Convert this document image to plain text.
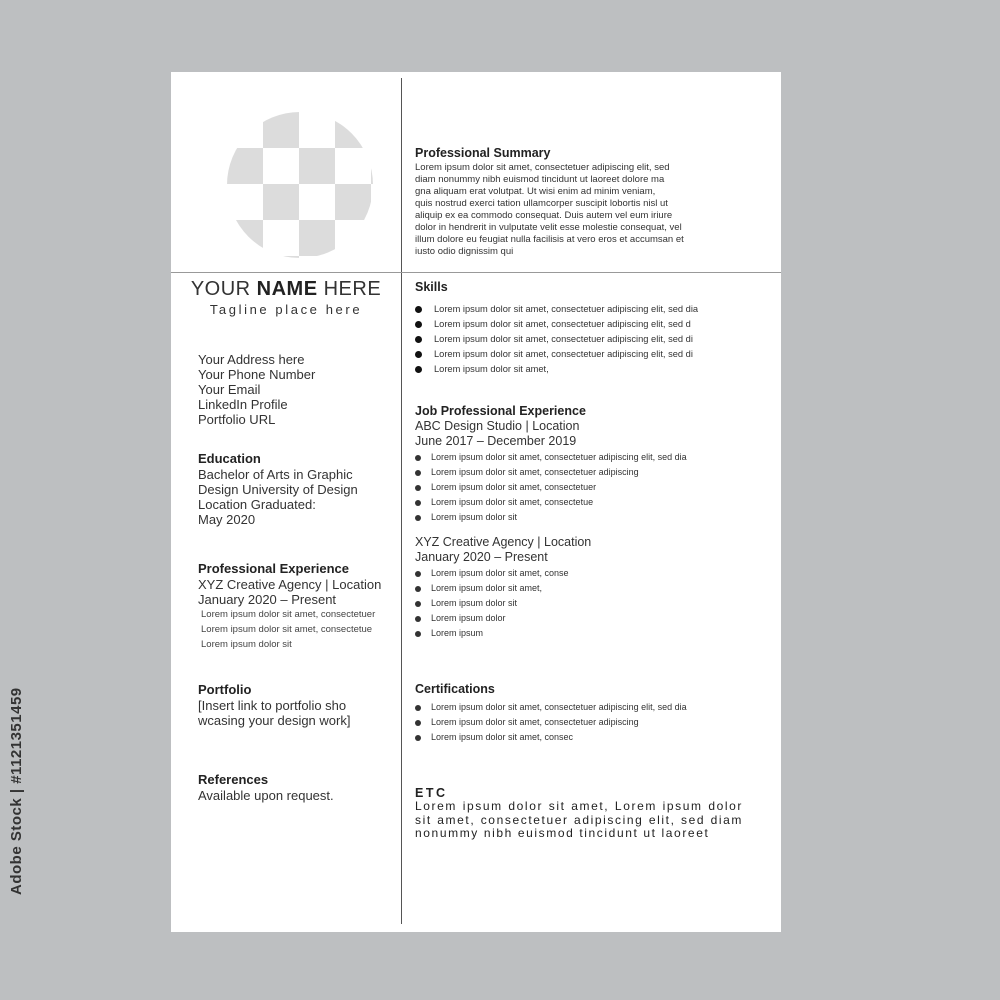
Adobe Stock | #1121351459
YOUR NAME HERE
Tagline place here
Your Address here
Your Phone Number
Your Email
LinkedIn Profile
Portfolio URL
Education
Bachelor of Arts in Graphic
Design University of Design
Location Graduated:
May 2020
Professional Experience
XYZ Creative Agency | Location
January 2020 – Present
Lorem ipsum dolor sit amet, consectetuer
Lorem ipsum dolor sit amet, consectetue
Lorem ipsum dolor sit
Portfolio
[Insert link to portfolio sho
wcasing your design work]
References
Available upon request.
Professional Summary
Lorem ipsum dolor sit amet, consectetuer adipiscing elit, sed
diam nonummy nibh euismod tincidunt ut laoreet dolore ma
gna aliquam erat volutpat. Ut wisi enim ad minim veniam,
quis nostrud exerci tation ullamcorper suscipit lobortis nisl ut
aliquip ex ea commodo consequat. Duis autem vel eum iriure
dolor in hendrerit in vulputate velit esse molestie consequat, vel
illum dolore eu feugiat nulla facilisis at vero eros et accumsan et
iusto odio dignissim qui
Skills
Lorem ipsum dolor sit amet, consectetuer adipiscing elit, sed dia
Lorem ipsum dolor sit amet, consectetuer adipiscing elit, sed d
Lorem ipsum dolor sit amet, consectetuer adipiscing elit, sed di
Lorem ipsum dolor sit amet, consectetuer adipiscing elit, sed di
Lorem ipsum dolor sit amet,
Job Professional Experience
ABC Design Studio | Location
June 2017 – December 2019
Lorem ipsum dolor sit amet, consectetuer adipiscing elit, sed dia
Lorem ipsum dolor sit amet, consectetuer adipiscing
Lorem ipsum dolor sit amet, consectetuer
Lorem ipsum dolor sit amet, consectetue
Lorem ipsum dolor sit
XYZ Creative Agency | Location
January 2020 – Present
Lorem ipsum dolor sit amet, conse
Lorem ipsum dolor sit amet,
Lorem ipsum dolor sit
Lorem ipsum dolor
Lorem ipsum
Certifications
Lorem ipsum dolor sit amet, consectetuer adipiscing elit, sed dia
Lorem ipsum dolor sit amet, consectetuer adipiscing
Lorem ipsum dolor sit amet, consec
ETC
Lorem ipsum dolor sit amet, Lorem ipsum dolor sit amet, consectetuer adipiscing elit, sed diam nonummy nibh euismod tincidunt ut laoreet
